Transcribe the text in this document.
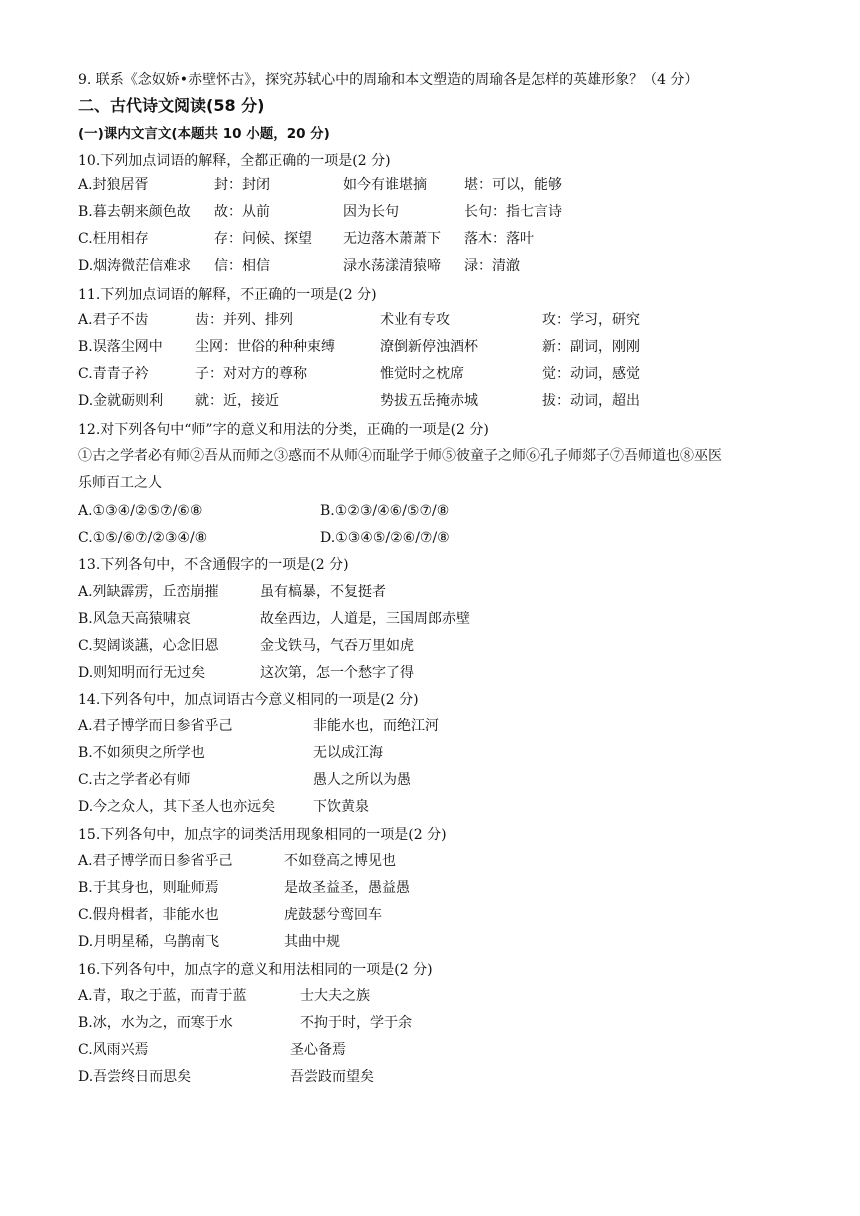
9. 联系《念奴娇•赤壁怀古》，探究苏轼心中的周瑜和本文塑造的周瑜各是怎样的英雄形象？（4 分）
二、古代诗文阅读(58 分)
(一)课内文言文(本题共 10 小题，20 分)
10.下列加点词语的解释，全都正确的一项是(2 分)
A.封狼居胥	封：封闭	如今有谁堪摘	堪：可以，能够
B.暮去朝来颜色故 故：从前	因为长句	长句：指七言诗
C.枉用相存	存：问候、探望 无边落木萧萧下 落木：落叶
D.烟涛微茫信难求 信：相信	渌水荡漾清猿啼 渌：清澈
11.下列加点词语的解释，不正确的一项是(2 分)
A.君子不齿	齿：并列、排列	术业有专攻	攻：学习，研究
B.误落尘网中 尘网：世俗的种种束缚	潦倒新停浊酒杯	新：副词，刚刚
C.青青子衿	子：对对方的尊称	惟觉时之枕席	觉：动词，感觉
D.金就砺则利 就：近，接近	势拔五岳掩赤城	拔：动词，超出
12.对下列各句中“师”字的意义和用法的分类，正确的一项是(2 分)
①古之学者必有师②吾从而师之③惑而不从师④而耻学于师⑤彼童子之师⑥孔子师郯子⑦吾师道也⑧巫医
乐师百工之人
A.①③④/②⑤⑦/⑥⑧	B.①②③/④⑥/⑤⑦/⑧
C.①⑤/⑥⑦/②③④/⑧	D.①③④⑤/②⑥/⑦/⑧
13.下列各句中，不含通假字的一项是(2 分)
A.列缺霹雳，丘峦崩摧	虽有槁暴，不复挺者
B.风急天高猿啸哀	故垒西边，人道是，三国周郎赤壁
C.契阔谈讌，心念旧恩	金戈铁马，气吞万里如虎
D.则知明而行无过矣	这次第，怎一个愁字了得
14.下列各句中，加点词语古今意义相同的一项是(2 分)
A.君子博学而日参省乎己	非能水也，而绝江河
B.不如须臾之所学也	无以成江海
C.古之学者必有师	愚人之所以为愚
D.今之众人，其下圣人也亦远矣	下饮黄泉
15.下列各句中，加点字的词类活用现象相同的一项是(2 分)
A.君子博学而日参省乎己	不如登高之博见也
B.于其身也，则耻师焉	是故圣益圣，愚益愚
C.假舟楫者，非能水也	虎鼓瑟兮鸾回车
D.月明星稀，乌鹊南飞	其曲中规
16.下列各句中，加点字的意义和用法相同的一项是(2 分)
A.青，取之于蓝，而青于蓝	士大夫之族
B.冰，水为之，而寒于水	不拘于时，学于余
C.风雨兴焉	圣心备焉
D.吾尝终日而思矣	吾尝跂而望矣
